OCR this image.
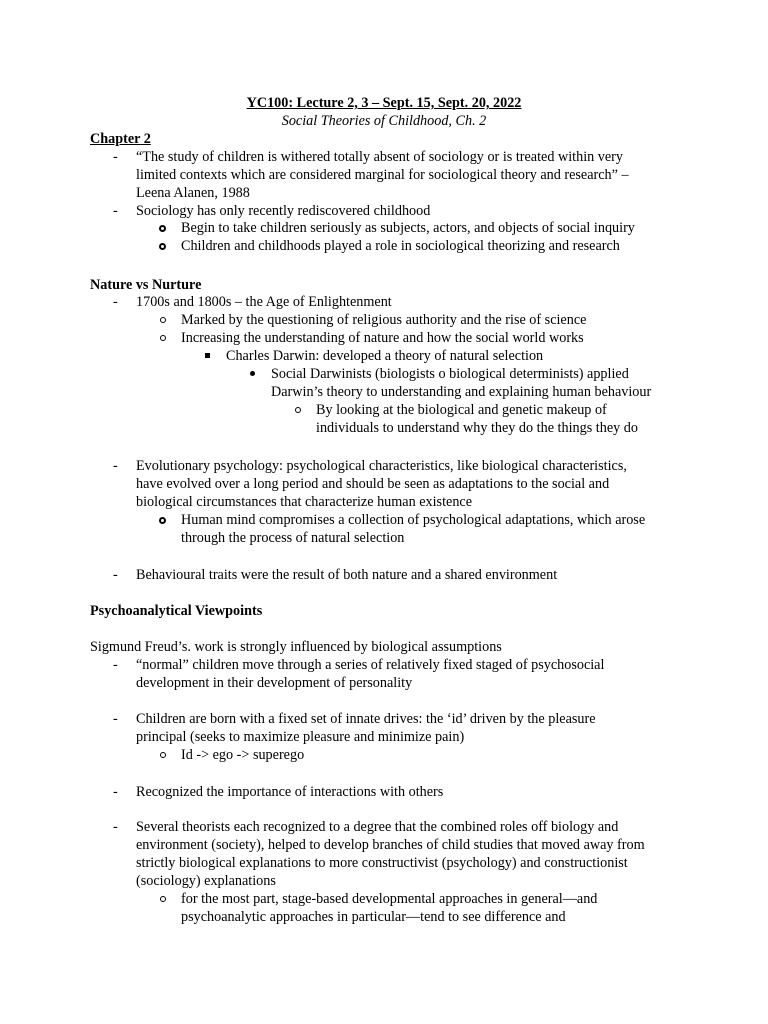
YC100: Lecture 2, 3 – Sept. 15, Sept. 20, 2022
Social Theories of Childhood, Ch. 2
Chapter 2
- “The study of children is withered totally absent of sociology or is treated within very
limited contexts which are considered marginal for sociological theory and research” –
Leena Alanen, 1988
- Sociology has only recently rediscovered childhood
Begin to take children seriously as subjects, actors, and objects of social inquiry
Children and childhoods played a role in sociological theorizing and research
Nature vs Nurture
- 1700s and 1800s – the Age of Enlightenment
Marked by the questioning of religious authority and the rise of science
Increasing the understanding of nature and how the social world works
Charles Darwin: developed a theory of natural selection
Social Darwinists (biologists o biological determinists) applied
Darwin’s theory to understanding and explaining human behaviour
By looking at the biological and genetic makeup of
individuals to understand why they do the things they do
- Evolutionary psychology: psychological characteristics, like biological characteristics,
have evolved over a long period and should be seen as adaptations to the social and
biological circumstances that characterize human existence
Human mind compromises a collection of psychological adaptations, which arose
through the process of natural selection
- Behavioural traits were the result of both nature and a shared environment
Psychoanalytical Viewpoints
Sigmund Freud’s. work is strongly influenced by biological assumptions
- “normal” children move through a series of relatively fixed staged of psychosocial
development in their development of personality
- Children are born with a fixed set of innate drives: the ‘id’ driven by the pleasure
principal (seeks to maximize pleasure and minimize pain)
Id -> ego -> superego
- Recognized the importance of interactions with others
- Several theorists each recognized to a degree that the combined roles off biology and
environment (society), helped to develop branches of child studies that moved away from
strictly biological explanations to more constructivist (psychology) and constructionist
(sociology) explanations
for the most part, stage-based developmental approaches in general—and
psychoanalytic approaches in particular—tend to see difference and
